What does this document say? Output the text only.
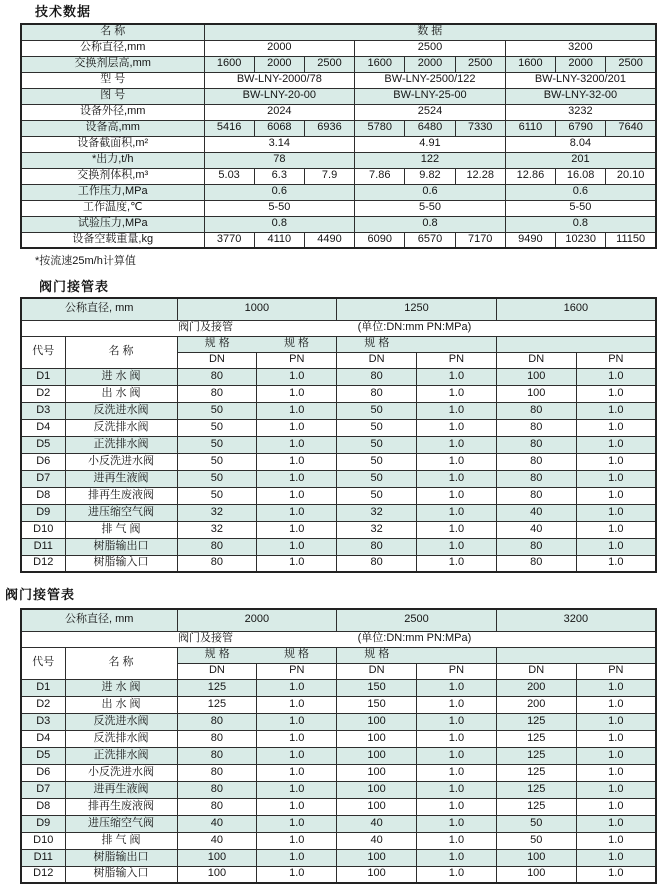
技术数据
名 称	数 据								
公称直径,mm	2000			2500			3200		
交换剂层高,mm	1600	2000	2500	1600	2000	2500	1600	2000	2500
型 号	BW-LNY-2000/78			BW-LNY-2500/122			BW-LNY-3200/201		
图 号	BW-LNY-20-00			BW-LNY-25-00			BW-LNY-32-00		
设备外径,mm	2024			2524			3232		
设备高,mm	5416	6068	6936	5780	6480	7330	6110	6790	7640
设备截面积,m²	3.14			4.91			8.04		
*出力,t/h	78			122			201		
交换剂体积,m³	5.03	6.3	7.9	7.86	9.82	12.28	12.86	16.08	20.10
工作压力,MPa	0.6			0.6			0.6		
工作温度,℃	5-50			5-50			5-50		
试验压力,MPa	0.8			0.8			0.8		
设备空载重量,kg	3770	4110	4490	6090	6570	7170	9490	10230	11150
*按流速25m/h计算值
阀门接管表
公称直径, mm		1000		1250		1600	

阀门及接管 (单位:DN:mm PN:MPa)							

代号	名 称	规 格 规 格		规 格			

		DN	PN	DN	PN	DN	PN
D1	进 水 阀	80	1.0	80	1.0	100	1.0
D2	出 水 阀	80	1.0	80	1.0	100	1.0
D3	反洗进水阀	50	1.0	50	1.0	80	1.0
D4	反洗排水阀	50	1.0	50	1.0	80	1.0
D5	正洗排水阀	50	1.0	50	1.0	80	1.0
D6	小反洗进水阀	50	1.0	50	1.0	80	1.0
D7	进再生液阀	50	1.0	50	1.0	80	1.0
D8	排再生废液阀	50	1.0	50	1.0	80	1.0
D9	进压缩空气阀	32	1.0	32	1.0	40	1.0
D10	排 气 阀	32	1.0	32	1.0	40	1.0
D11	树脂输出口	80	1.0	80	1.0	80	1.0
D12	树脂输入口	80	1.0	80	1.0	80	1.0
阀门接管表
公称直径, mm		2000		2500		3200	

阀门及接管 (单位:DN:mm PN:MPa)							

代号	名 称	规 格 规 格		规 格			

		DN	PN	DN	PN	DN	PN
D1	进 水 阀	125	1.0	150	1.0	200	1.0
D2	出 水 阀	125	1.0	150	1.0	200	1.0
D3	反洗进水阀	80	1.0	100	1.0	125	1.0
D4	反洗排水阀	80	1.0	100	1.0	125	1.0
D5	正洗排水阀	80	1.0	100	1.0	125	1.0
D6	小反洗进水阀	80	1.0	100	1.0	125	1.0
D7	进再生液阀	80	1.0	100	1.0	125	1.0
D8	排再生废液阀	80	1.0	100	1.0	125	1.0
D9	进压缩空气阀	40	1.0	40	1.0	50	1.0
D10	排 气 阀	40	1.0	40	1.0	50	1.0
D11	树脂输出口	100	1.0	100	1.0	100	1.0
D12	树脂输入口	100	1.0	100	1.0	100	1.0
